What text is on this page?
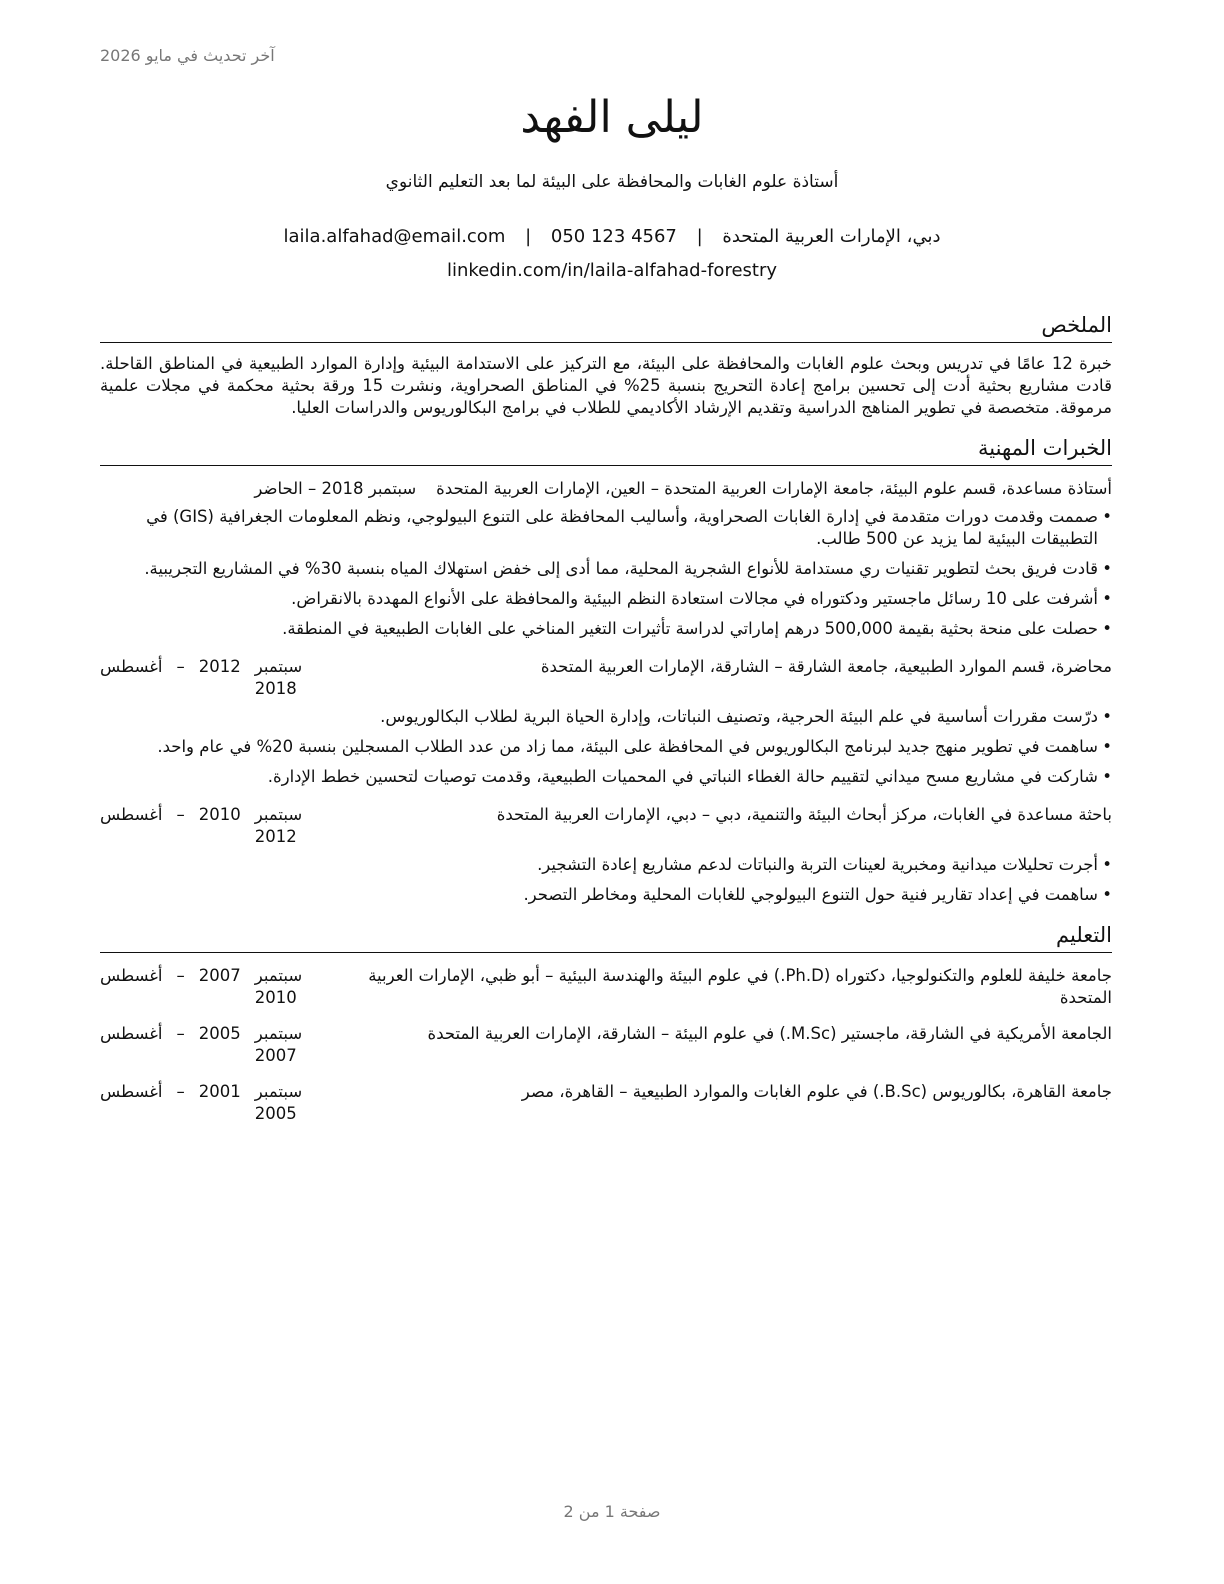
آخر تحديث في مايو 2026
ليلى الفهد
أستاذة علوم الغابات والمحافظة على البيئة لما بعد التعليم الثانوي
دبي، الإمارات العربية المتحدة | laila.alfahad@email.com | 050 123 4567
linkedin.com/in/laila-alfahad-forestry
الملخص
خبرة 12 عامًا في تدريس وبحث علوم الغابات والمحافظة على البيئة، مع التركيز على الاستدامة البيئية وإدارة الموارد الطبيعية في المناطق القاحلة. قادت مشاريع بحثية أدت إلى تحسين برامج إعادة التحريج بنسبة 25% في المناطق الصحراوية، ونشرت 15 ورقة بحثية محكمة في مجلات علمية مرموقة. متخصصة في تطوير المناهج الدراسية وتقديم الإرشاد الأكاديمي للطلاب في برامج البكالوريوس والدراسات العليا.
الخبرات المهنية
أستاذة مساعدة، قسم علوم البيئة، جامعة الإمارات العربية المتحدة – العين، الإمارات العربية المتحدة
سبتمبر 2018 – الحاضر
• صممت وقدمت دورات متقدمة في إدارة الغابات الصحراوية، وأساليب المحافظة على التنوع البيولوجي، ونظم المعلومات الجغرافية (GIS) في التطبيقات البيئية لما يزيد عن 500 طالب.
• قادت فريق بحث لتطوير تقنيات ري مستدامة للأنواع الشجرية المحلية، مما أدى إلى خفض استهلاك المياه بنسبة 30% في المشاريع التجريبية.
• أشرفت على 10 رسائل ماجستير ودكتوراه في مجالات استعادة النظم البيئية والمحافظة على الأنواع المهددة بالانقراض.
• حصلت على منحة بحثية بقيمة 500,000 درهم إماراتي لدراسة تأثيرات التغير المناخي على الغابات الطبيعية في المنطقة.
محاضرة، قسم الموارد الطبيعية، جامعة الشارقة – الشارقة، الإمارات العربية المتحدة
سبتمبر
2012
–
أغسطس
2018
• درّست مقررات أساسية في علم البيئة الحرجية، وتصنيف النباتات، وإدارة الحياة البرية لطلاب البكالوريوس.
• ساهمت في تطوير منهج جديد لبرنامج البكالوريوس في المحافظة على البيئة، مما زاد من عدد الطلاب المسجلين بنسبة 20% في عام واحد.
• شاركت في مشاريع مسح ميداني لتقييم حالة الغطاء النباتي في المحميات الطبيعية، وقدمت توصيات لتحسين خطط الإدارة.
باحثة مساعدة في الغابات، مركز أبحاث البيئة والتنمية، دبي – دبي، الإمارات العربية المتحدة
سبتمبر
2010
–
أغسطس
2012
• أجرت تحليلات ميدانية ومخبرية لعينات التربة والنباتات لدعم مشاريع إعادة التشجير.
• ساهمت في إعداد تقارير فنية حول التنوع البيولوجي للغابات المحلية ومخاطر التصحر.
التعليم
جامعة خليفة للعلوم والتكنولوجيا، دكتوراه (Ph.D.) في علوم البيئة والهندسة البيئية – أبو ظبي، الإمارات العربية المتحدة
سبتمبر
2007
–
أغسطس
2010
الجامعة الأمريكية في الشارقة، ماجستير (M.Sc.) في علوم البيئة – الشارقة، الإمارات العربية المتحدة
سبتمبر
2005
–
أغسطس
2007
جامعة القاهرة، بكالوريوس (B.Sc.) في علوم الغابات والموارد الطبيعية – القاهرة، مصر
سبتمبر
2001
–
أغسطس
2005
صفحة 1 من 2
